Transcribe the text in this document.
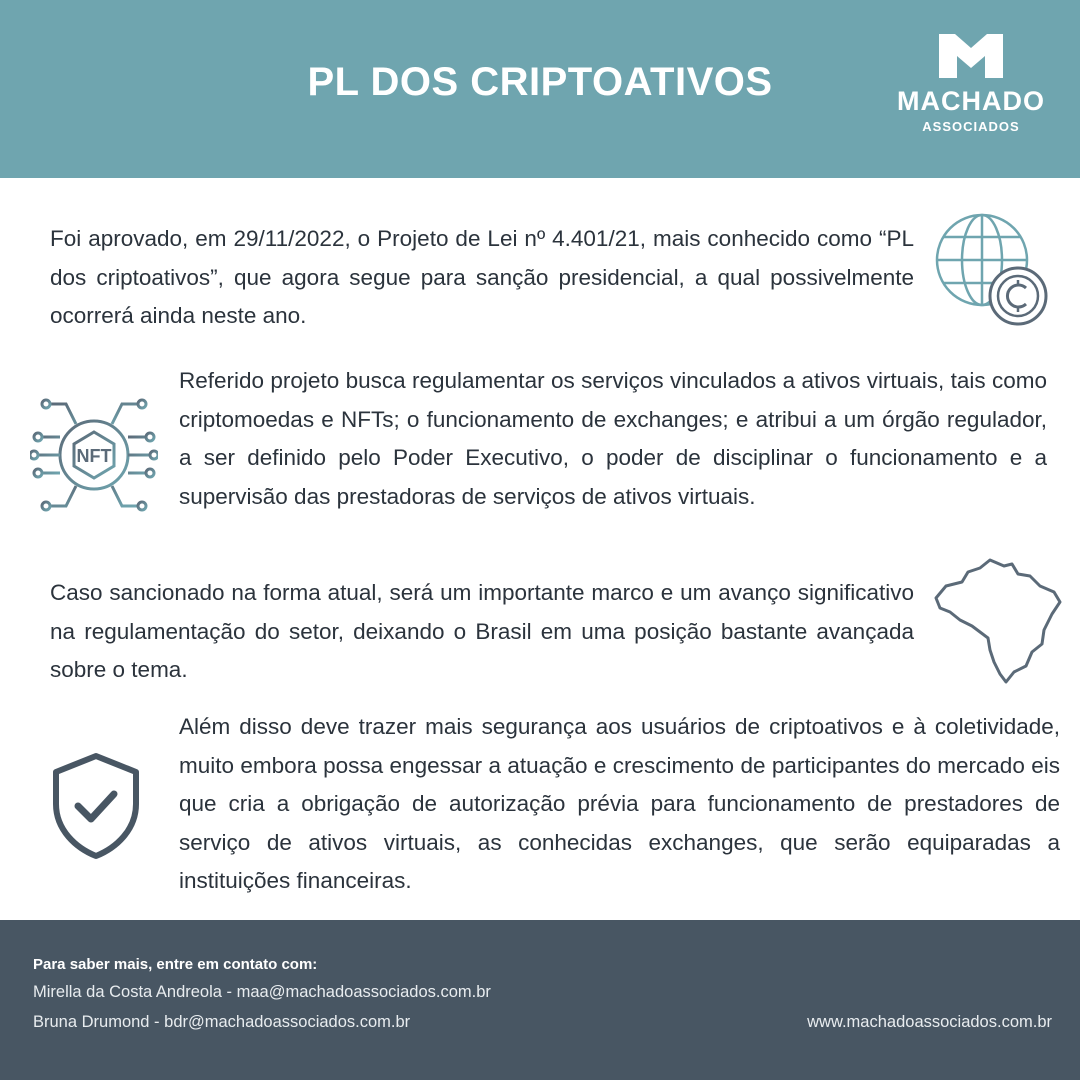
PL DOS CRIPTOATIVOS	MACHADO
ASSOCIADOS

Foi aprovado, em 29/11/2022, o Projeto de Lei nº 4.401/21, mais conhecido como “PL dos criptoativos”, que agora segue para sanção presidencial, a qual possivelmente ocorrerá ainda neste ano.

NFT

Referido projeto busca regulamentar os serviços vinculados a ativos virtuais, tais como criptomoedas e NFTs; o funcionamento de exchanges; e atribui a um órgão regulador, a ser definido pelo Poder Executivo, o poder de disciplinar o funcionamento e a supervisão das prestadoras de serviços de ativos virtuais.

Caso sancionado na forma atual, será um importante marco e um avanço significativo na regulamentação do setor, deixando o Brasil em uma posição bastante avançada sobre o tema.

Além disso deve trazer mais segurança aos usuários de criptoativos e à coletividade, muito embora possa engessar a atuação e crescimento de participantes do mercado eis que cria a obrigação de autorização prévia para funcionamento de prestadores de serviço de ativos virtuais, as conhecidas exchanges, que serão equiparadas a instituições financeiras.

Para saber mais, entre em contato com:
Mirella da Costa Andreola - maa@machadoassociados.com.br
Bruna Drumond - bdr@machadoassociados.com.br	www.machadoassociados.com.br
